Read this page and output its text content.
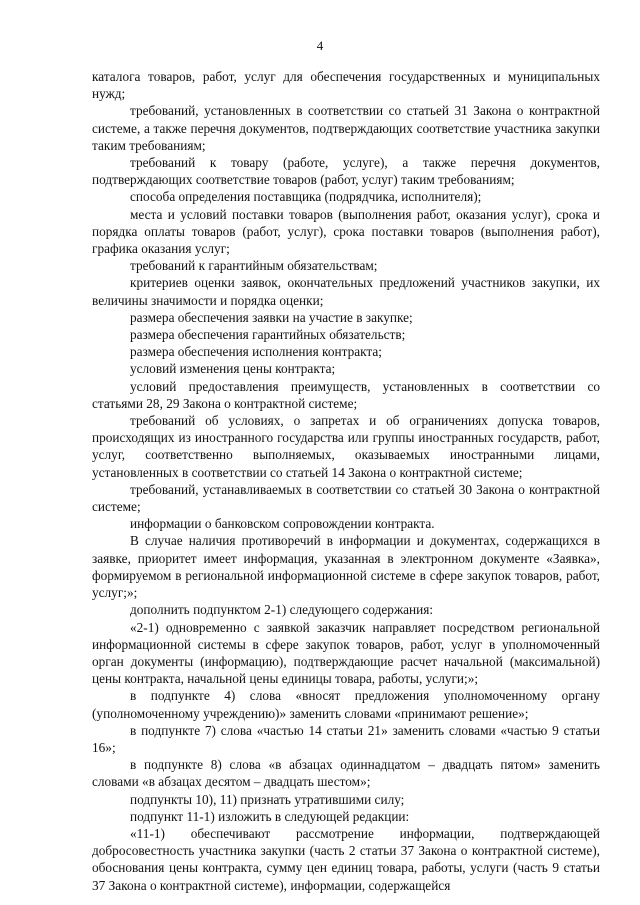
4

каталога товаров, работ, услуг для обеспечения государственных и муниципальных нужд;

требований, установленных в соответствии со статьей 31 Закона о контрактной системе, а также перечня документов, подтверждающих соответствие участника закупки таким требованиям;

требований к товару (работе, услуге), а также перечня документов, подтверждающих соответствие товаров (работ, услуг) таким требованиям;

способа определения поставщика (подрядчика, исполнителя);

места и условий поставки товаров (выполнения работ, оказания услуг), срока и порядка оплаты товаров (работ, услуг), срока поставки товаров (выполнения работ), графика оказания услуг;

требований к гарантийным обязательствам;

критериев оценки заявок, окончательных предложений участников закупки, их величины значимости и порядка оценки;

размера обеспечения заявки на участие в закупке;

размера обеспечения гарантийных обязательств;

размера обеспечения исполнения контракта;

условий изменения цены контракта;

условий предоставления преимуществ, установленных в соответствии со статьями 28, 29 Закона о контрактной системе;

требований об условиях, о запретах и об ограничениях допуска товаров, происходящих из иностранного государства или группы иностранных государств, работ, услуг, соответственно выполняемых, оказываемых иностранными лицами, установленных в соответствии со статьей 14 Закона о контрактной системе;

требований, устанавливаемых в соответствии со статьей 30 Закона о контрактной системе;

информации о банковском сопровождении контракта.

В случае наличия противоречий в информации и документах, содержащихся в заявке, приоритет имеет информация, указанная в электронном документе «Заявка», формируемом в региональной информационной системе в сфере закупок товаров, работ, услуг;»;

дополнить подпунктом 2-1) следующего содержания:

«2-1) одновременно с заявкой заказчик направляет посредством региональной информационной системы в сфере закупок товаров, работ, услуг в уполномоченный орган документы (информацию), подтверждающие расчет начальной (максимальной) цены контракта, начальной цены единицы товара, работы, услуги;»;

в подпункте 4) слова «вносят предложения уполномоченному органу (уполномоченному учреждению)» заменить словами «принимают решение»;

в подпункте 7) слова «частью 14 статьи 21» заменить словами «частью 9 статьи 16»;

в подпункте 8) слова «в абзацах одиннадцатом – двадцать пятом» заменить словами «в абзацах десятом – двадцать шестом»;

подпункты 10), 11) признать утратившими силу;

подпункт 11-1) изложить в следующей редакции:

«11-1) обеспечивают рассмотрение информации, подтверждающей добросовестность участника закупки (часть 2 статьи 37 Закона о контрактной системе), обоснования цены контракта, сумму цен единиц товара, работы, услуги (часть 9 статьи 37 Закона о контрактной системе), информации, содержащейся
